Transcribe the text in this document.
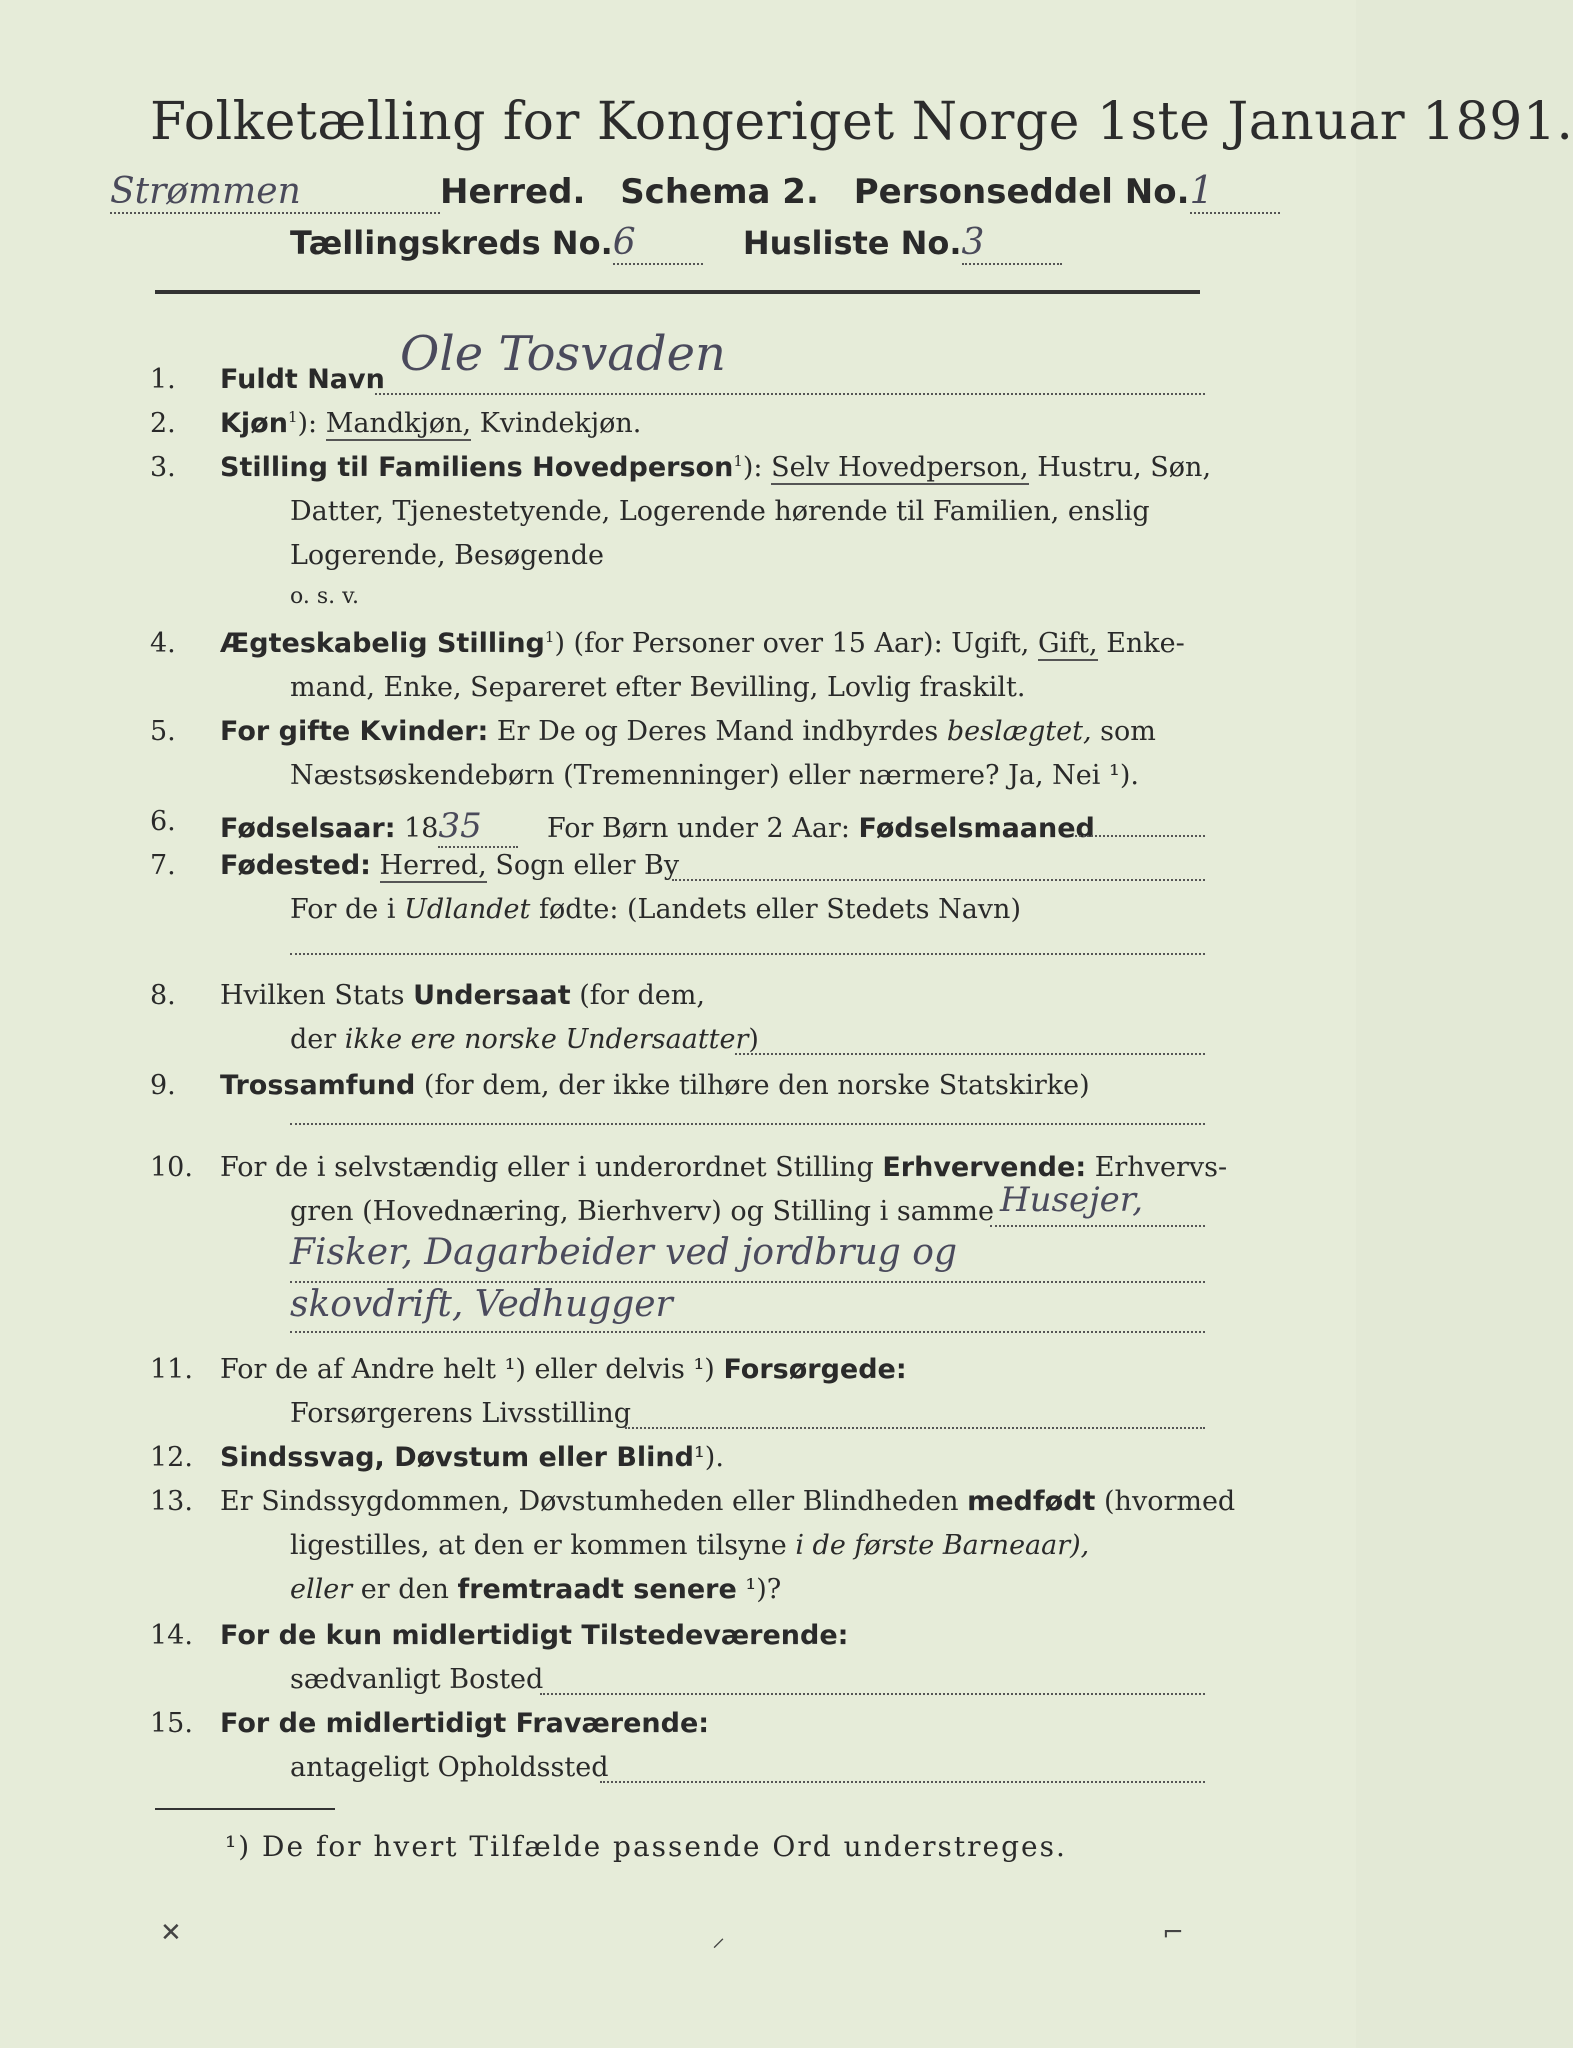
Folketælling for Kongeriget Norge 1ste Januar 1891.
Strømmen	Herred. Schema 2. Personseddel No.1
Tællingskreds No.6	Husliste No.3
1.	Fuldt Navn Ole Tosvaden
2.	Kjøn$^1$): Mandkjøn, Kvindekjøn.
3.	Stilling til Familiens Hovedperson$^1$): Selv Hovedperson, Hustru, Søn,
Datter, Tjenestetyende, Logerende hørende til Familien, enslig
Logerende, Besøgende
o. s. v.
4.	Ægteskabelig Stilling$^1$) (for Personer over 15 Aar): Ugift, Gift, Enke-
mand, Enke, Separeret efter Bevilling, Lovlig fraskilt.
5.	For gifte Kvinder: Er De og Deres Mand indbyrdes beslægtet, som
Næstsøskendebørn (Tremenninger) eller nærmere? Ja, Nei ¹).
6.	Fødselsaar: 1835 For Børn under 2 Aar: Fødselsmaaned
7.	Fødested: Herred, Sogn eller By
For de i Udlandet fødte: (Landets eller Stedets Navn)
8.	Hvilken Stats Undersaat (for dem,
der ikke ere norske Undersaatter)
9.	Trossamfund (for dem, der ikke tilhøre den norske Statskirke)
10.	For de i selvstændig eller i underordnet Stilling Erhvervende: Erhvervs-
gren (Hovednæring, Bierhverv) og Stilling i samme Husejer,
Fisker, Dagarbeider ved jordbrug og
skovdrift, Vedhugger
11.	For de af Andre helt ¹) eller delvis ¹) Forsørgede:
Forsørgerens Livsstilling
12.	Sindssvag, Døvstum eller Blind¹).
13.	Er Sindssygdommen, Døvstumheden eller Blindheden medfødt (hvormed
ligestilles, at den er kommen tilsyne i de første Barneaar),
eller er den fremtraadt senere ¹)?
14.	For de kun midlertidigt Tilstedeværende:
sædvanligt Bosted
15.	For de midlertidigt Fraværende:
antageligt Opholdssted
¹) De for hvert Tilfælde passende Ord understreges.
✕	⸝	⌐
